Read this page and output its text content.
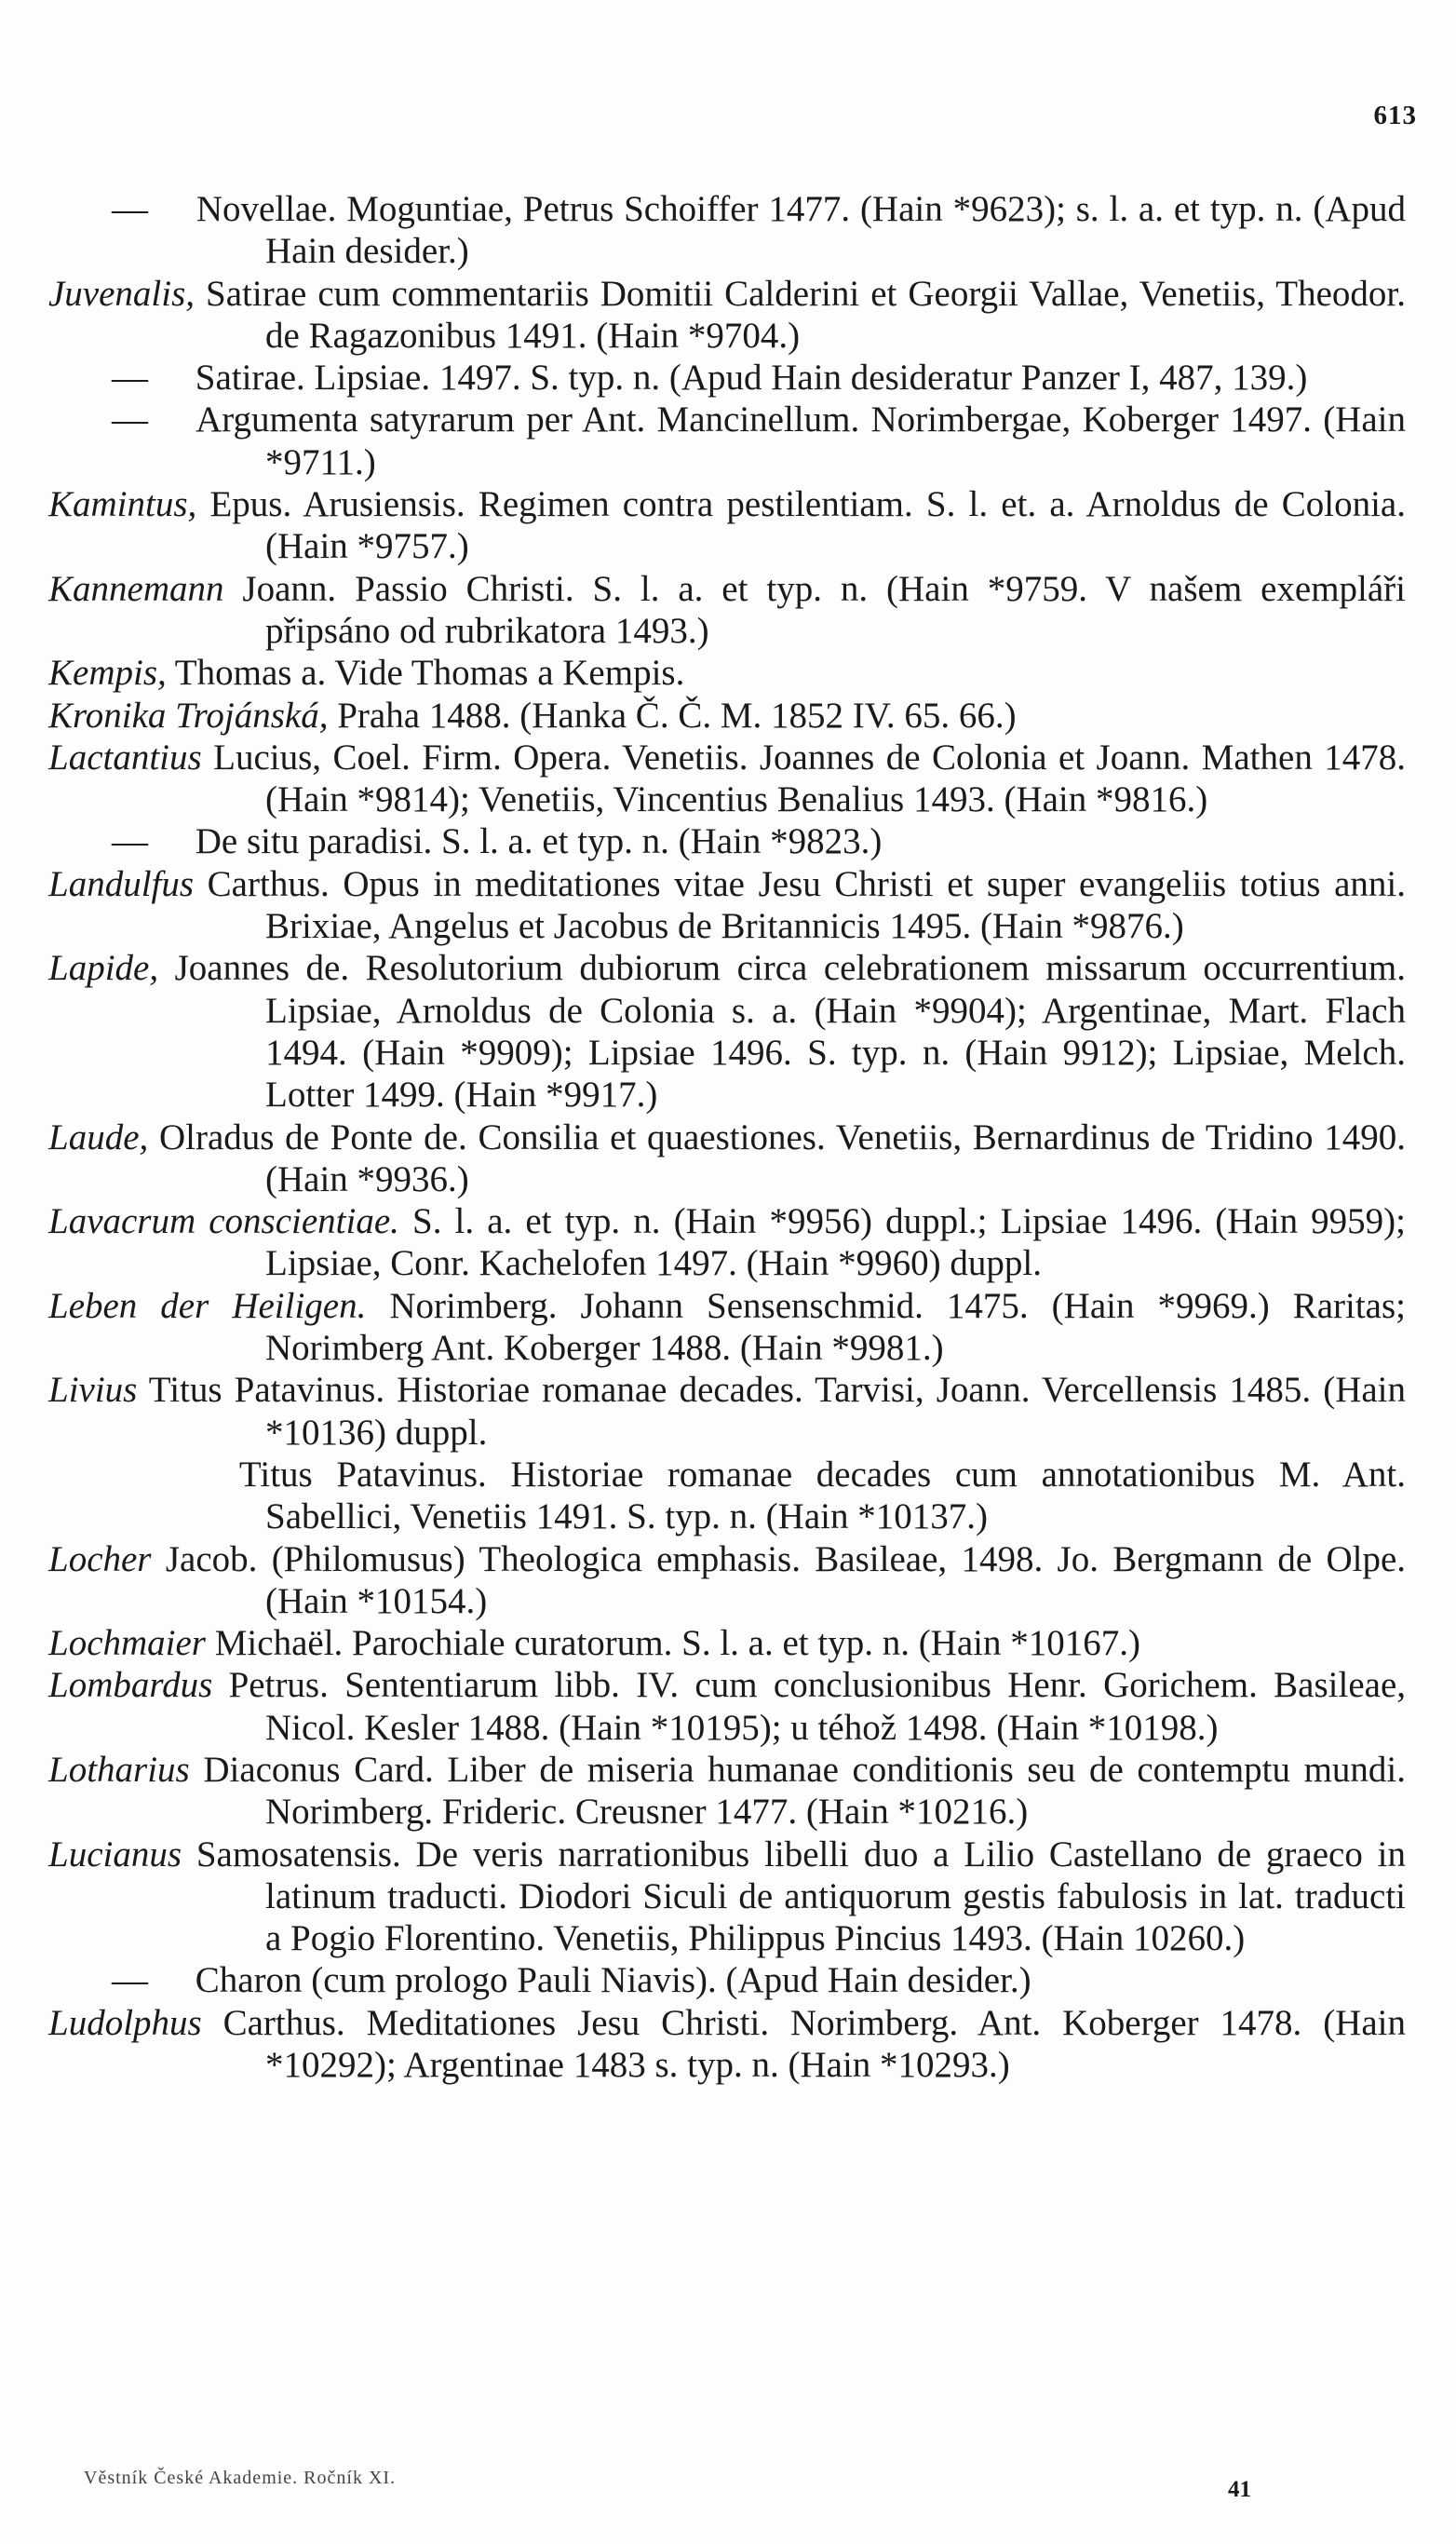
613

— Novellae. Moguntiae, Petrus Schoiffer 1477. (Hain *9623); s. l. a. et typ. n. (Apud Hain desider.)

Juvenalis, Satirae cum commentariis Domitii Calderini et Georgii Vallae, Venetiis, Theodor. de Ragazonibus 1491. (Hain *9704.)

— Satirae. Lipsiae. 1497. S. typ. n. (Apud Hain desideratur Panzer I, 487, 139.)

— Argumenta satyrarum per Ant. Mancinellum. Norimbergae, Koberger 1497. (Hain *9711.)

Kamintus, Epus. Arusiensis. Regimen contra pestilentiam. S. l. et. a. Arnoldus de Colonia. (Hain *9757.)

Kannemann Joann. Passio Christi. S. l. a. et typ. n. (Hain *9759. V našem exempláři připsáno od rubrikatora 1493.)

Kempis, Thomas a. Vide Thomas a Kempis.

Kronika Trojánská, Praha 1488. (Hanka Č. Č. M. 1852 IV. 65. 66.)

Lactantius Lucius, Coel. Firm. Opera. Venetiis. Joannes de Colonia et Joann. Mathen 1478. (Hain *9814); Venetiis, Vincentius Benalius 1493. (Hain *9816.)

— De situ paradisi. S. l. a. et typ. n. (Hain *9823.)

Landulfus Carthus. Opus in meditationes vitae Jesu Christi et super evangeliis totius anni. Brixiae, Angelus et Jacobus de Britannicis 1495. (Hain *9876.)

Lapide, Joannes de. Resolutorium dubiorum circa celebrationem missarum occurrentium. Lipsiae, Arnoldus de Colonia s. a. (Hain *9904); Argentinae, Mart. Flach 1494. (Hain *9909); Lipsiae 1496. S. typ. n. (Hain 9912); Lipsiae, Melch. Lotter 1499. (Hain *9917.)

Laude, Olradus de Ponte de. Consilia et quaestiones. Venetiis, Bernardinus de Tridino 1490. (Hain *9936.)

Lavacrum conscientiae. S. l. a. et typ. n. (Hain *9956) duppl.; Lipsiae 1496. (Hain 9959); Lipsiae, Conr. Kachelofen 1497. (Hain *9960) duppl.

Leben der Heiligen. Norimberg. Johann Sensenschmid. 1475. (Hain *9969.) Raritas; Norimberg Ant. Koberger 1488. (Hain *9981.)

Livius Titus Patavinus. Historiae romanae decades. Tarvisi, Joann. Vercellensis 1485. (Hain *10136) duppl.

Titus Patavinus. Historiae romanae decades cum annotationibus M. Ant. Sabellici, Venetiis 1491. S. typ. n. (Hain *10137.)

Locher Jacob. (Philomusus) Theologica emphasis. Basileae, 1498. Jo. Bergmann de Olpe. (Hain *10154.)

Lochmaier Michaël. Parochiale curatorum. S. l. a. et typ. n. (Hain *10167.)

Lombardus Petrus. Sententiarum libb. IV. cum conclusionibus Henr. Gorichem. Basileae, Nicol. Kesler 1488. (Hain *10195); u téhož 1498. (Hain *10198.)

Lotharius Diaconus Card. Liber de miseria humanae conditionis seu de contemptu mundi. Norimberg. Frideric. Creusner 1477. (Hain *10216.)

Lucianus Samosatensis. De veris narrationibus libelli duo a Lilio Castellano de graeco in latinum traducti. Diodori Siculi de antiquorum gestis fabulosis in lat. traducti a Pogio Florentino. Venetiis, Philippus Pincius 1493. (Hain 10260.)

— Charon (cum prologo Pauli Niavis). (Apud Hain desider.)

Ludolphus Carthus. Meditationes Jesu Christi. Norimberg. Ant. Koberger 1478. (Hain *10292); Argentinae 1483 s. typ. n. (Hain *10293.)

Věstník České Akademie. Ročník XI.	41
